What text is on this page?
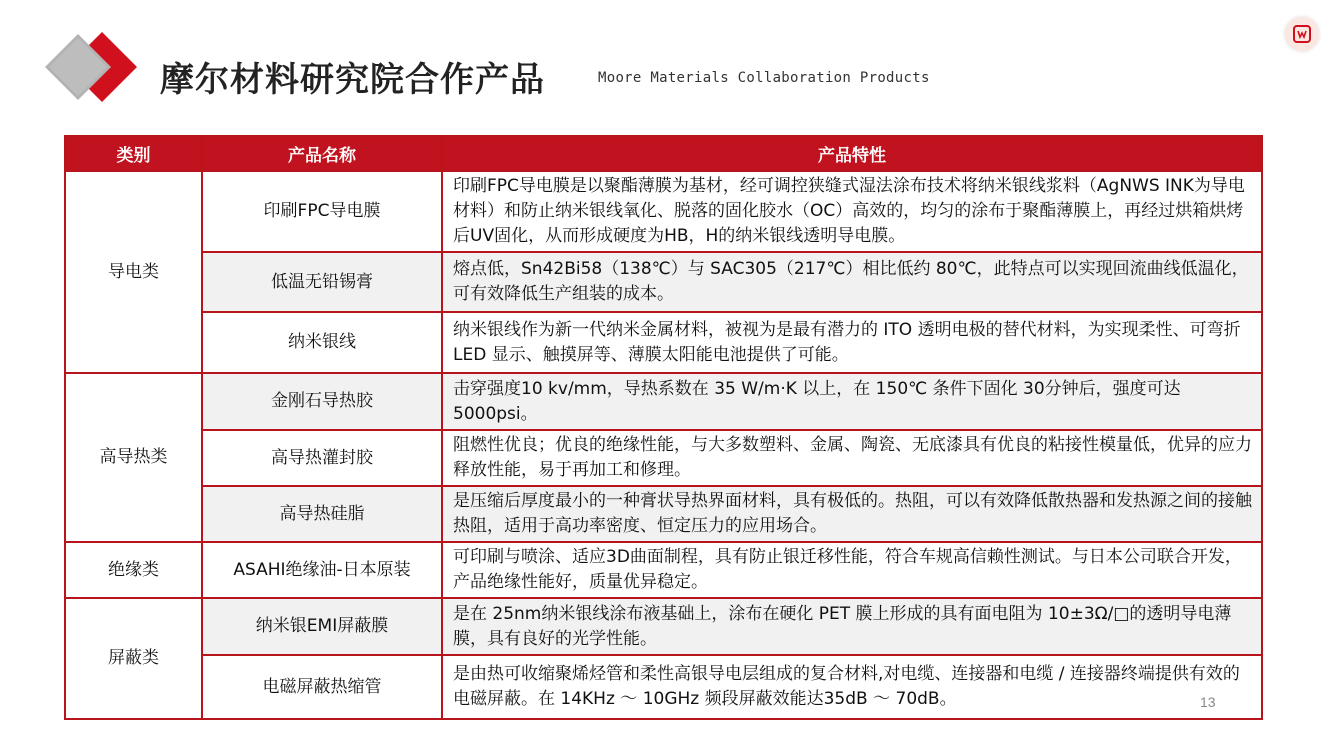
摩尔材料研究院合作产品	Moore Materials Collaboration Products
类别	产品名称	产品特性
导电类	印刷FPC导电膜	印刷FPC导电膜是以聚酯薄膜为基材，经可调控狭缝式湿法涂布技术将纳米银线浆料（AgNWS INK为导电材料）和防止纳米银线氧化、脱落的固化胶水（OC）高效的，均匀的涂布于聚酯薄膜上，再经过烘箱烘烤后UV固化，从而形成硬度为HB，H的纳米银线透明导电膜。
	低温无铅锡膏	熔点低，Sn42Bi58（138℃）与 SAC305（217℃）相比低约 80℃，此特点可以实现回流曲线低温化，可有效降低生产组装的成本。
	纳米银线	纳米银线作为新一代纳米金属材料，被视为是最有潜力的 ITO 透明电极的替代材料，为实现柔性、可弯折 LED 显示、触摸屏等、薄膜太阳能电池提供了可能。
高导热类	金刚石导热胶	击穿强度10 kv/mm，导热系数在 35 W/m·K 以上，在 150℃ 条件下固化 30分钟后，强度可达5000psi。
	高导热灌封胶	阻燃性优良；优良的绝缘性能，与大多数塑料、金属、陶瓷、无底漆具有优良的粘接性模量低，优异的应力释放性能，易于再加工和修理。
	高导热硅脂	是压缩后厚度最小的一种膏状导热界面材料，具有极低的。热阻，可以有效降低散热器和发热源之间的接触热阻，适用于高功率密度、恒定压力的应用场合。
绝缘类	ASAHI绝缘油-日本原装	可印刷与喷涂、适应3D曲面制程，具有防止银迁移性能，符合车规高信赖性测试。与日本公司联合开发，产品绝缘性能好，质量优异稳定。
屏蔽类	纳米银EMI屏蔽膜	是在 25nm纳米银线涂布液基础上，涂布在硬化 PET 膜上形成的具有面电阻为 10±3Ω/□的透明导电薄膜，具有良好的光学性能。
	电磁屏蔽热缩管	是由热可收缩聚烯烃管和柔性高银导电层组成的复合材料,对电缆、连接器和电缆 / 连接器终端提供有效的电磁屏蔽。在 14KHz ～ 10GHz 频段屏蔽效能达35dB ～ 70dB。	13
